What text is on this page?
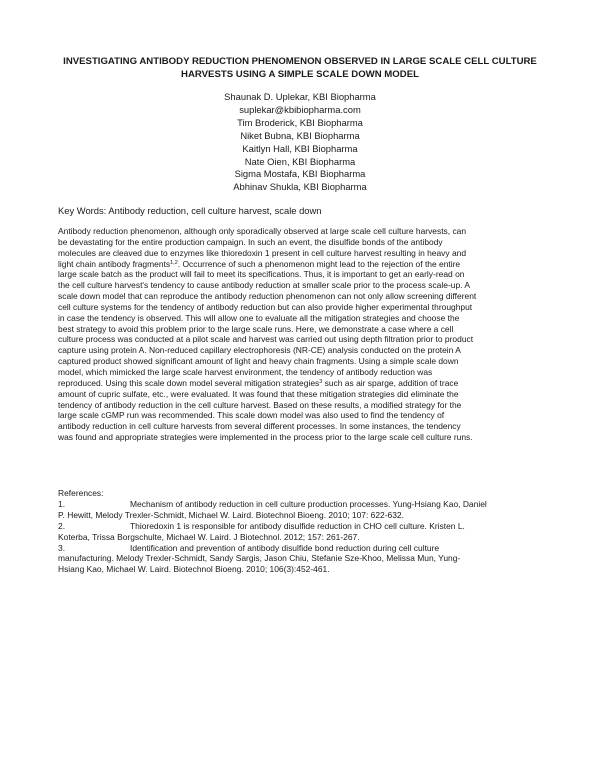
INVESTIGATING ANTIBODY REDUCTION PHENOMENON OBSERVED IN LARGE SCALE CELL CULTURE
HARVESTS USING A SIMPLE SCALE DOWN MODEL
Shaunak D. Uplekar, KBI Biopharma
suplekar@kbibiopharma.com
Tim Broderick, KBI Biopharma
Niket Bubna, KBI Biopharma
Kaitlyn Hall, KBI Biopharma
Nate Oien, KBI Biopharma
Sigma Mostafa, KBI Biopharma
Abhinav Shukla, KBI Biopharma
Key Words: Antibody reduction, cell culture harvest, scale down
Antibody reduction phenomenon, although only sporadically observed at large scale cell culture harvests, can
be devastating for the entire production campaign. In such an event, the disulfide bonds of the antibody
molecules are cleaved due to enzymes like thioredoxin 1 present in cell culture harvest resulting in heavy and
light chain antibody fragments$^{1,2}$. Occurrence of such a phenomenon might lead to the rejection of the entire
large scale batch as the product will fail to meet its specifications. Thus, it is important to get an early-read on
the cell culture harvest's tendency to cause antibody reduction at smaller scale prior to the process scale-up. A
scale down model that can reproduce the antibody reduction phenomenon can not only allow screening different
cell culture systems for the tendency of antibody reduction but can also provide higher experimental throughput
in case the tendency is observed. This will allow one to evaluate all the mitigation strategies and choose the
best strategy to avoid this problem prior to the large scale runs. Here, we demonstrate a case where a cell
culture process was conducted at a pilot scale and harvest was carried out using depth filtration prior to product
capture using protein A. Non-reduced capillary electrophoresis (NR-CE) analysis conducted on the protein A
captured product showed significant amount of light and heavy chain fragments. Using a simple scale down
model, which mimicked the large scale harvest environment, the tendency of antibody reduction was
reproduced. Using this scale down model several mitigation strategies$^3$ such as air sparge, addition of trace
amount of cupric sulfate, etc., were evaluated. It was found that these mitigation strategies did eliminate the
tendency of antibody reduction in the cell culture harvest. Based on these results, a modified strategy for the
large scale cGMP run was recommended. This scale down model was also used to find the tendency of
antibody reduction in cell culture harvests from several different processes. In some instances, the tendency
was found and appropriate strategies were implemented in the process prior to the large scale cell culture runs.
References:
1.	Mechanism of antibody reduction in cell culture production processes. Yung-Hsiang Kao, Daniel
P. Hewitt, Melody Trexler-Schmidt, Michael W. Laird. Biotechnol Bioeng. 2010; 107: 622-632.
2.	Thioredoxin 1 is responsible for antibody disulfide reduction in CHO cell culture. Kristen L.
Koterba, Trissa Borgschulte, Michael W. Laird. J Biotechnol. 2012; 157: 261-267.
3.	Identification and prevention of antibody disulfide bond reduction during cell culture
manufacturing. Melody Trexler-Schmidt, Sandy Sargis, Jason Chiu, Stefanie Sze-Khoo, Melissa Mun, Yung-
Hsiang Kao, Michael W. Laird. Biotechnol Bioeng. 2010; 106(3):452-461.
